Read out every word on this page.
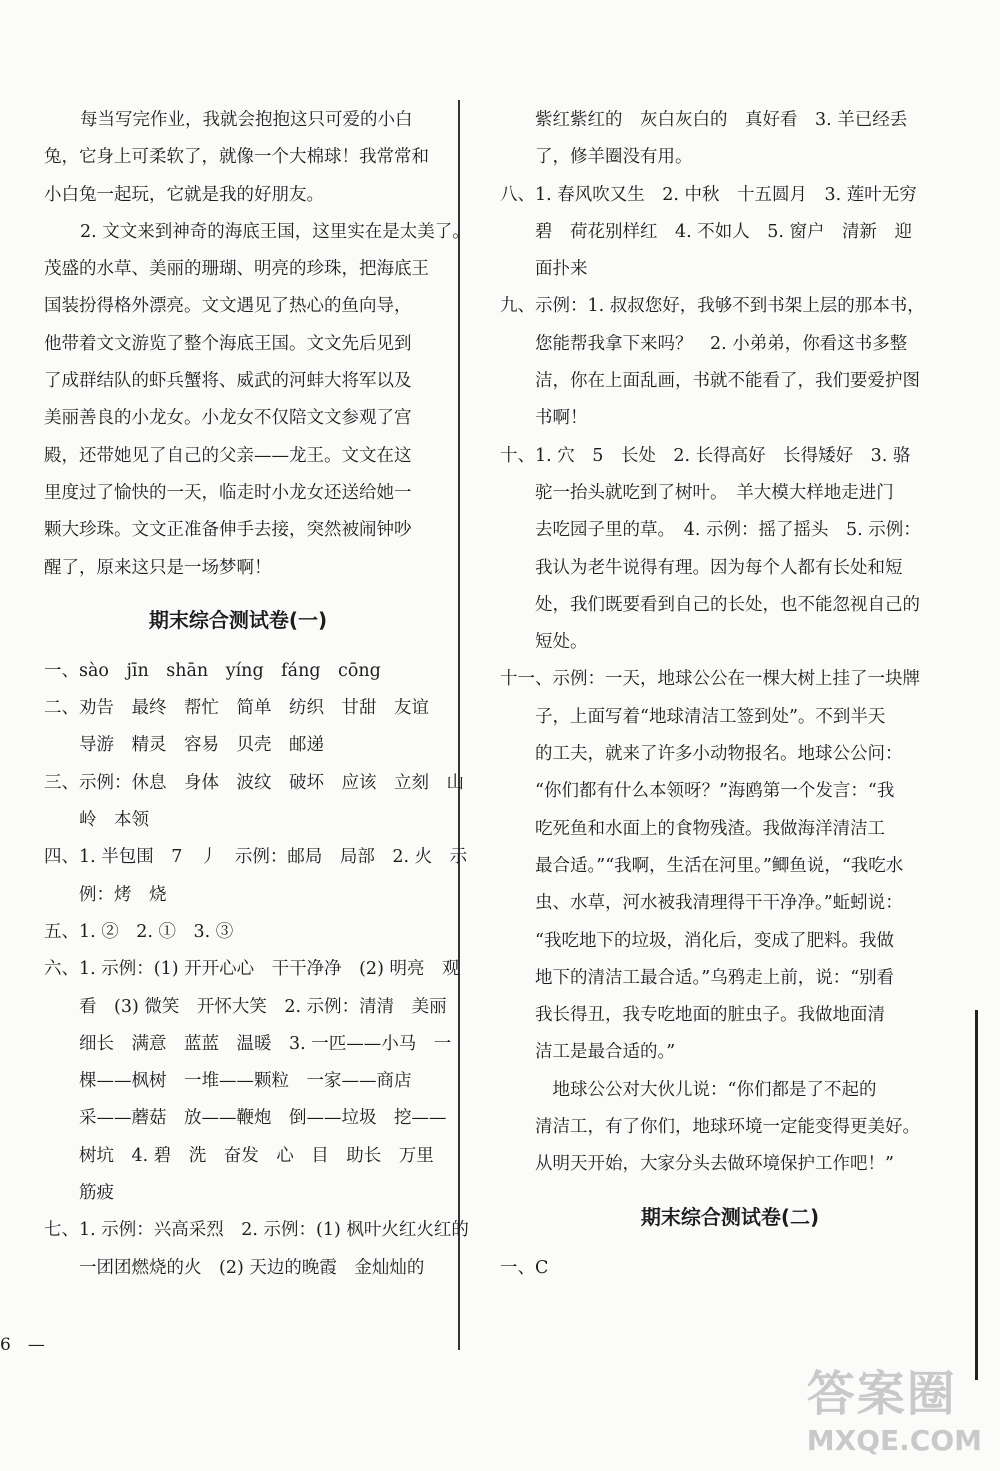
每当写完作业，我就会抱抱这只可爱的小白
兔，它身上可柔软了，就像一个大棉球！我常常和
小白兔一起玩，它就是我的好朋友。
2. 文文来到神奇的海底王国，这里实在是太美了。
茂盛的水草、美丽的珊瑚、明亮的珍珠，把海底王
国装扮得格外漂亮。文文遇见了热心的鱼向导，
他带着文文游览了整个海底王国。文文先后见到
了成群结队的虾兵蟹将、威武的河蚌大将军以及
美丽善良的小龙女。小龙女不仅陪文文参观了宫
殿，还带她见了自己的父亲——龙王。文文在这
里度过了愉快的一天，临走时小龙女还送给她一
颗大珍珠。文文正准备伸手去接，突然被闹钟吵
醒了，原来这只是一场梦啊！
期末综合测试卷(一)
一、sào　jīn　shān　yíng　fáng　cōng
二、劝告　最终　帮忙　简单　纺织　甘甜　友谊
　　导游　精灵　容易　贝壳　邮递
三、示例：休息　身体　波纹　破坏　应该　立刻　山
　　岭　本领
四、1. 半包围　7　丿　示例：邮局　局部　2. 火　示
　　例：烤　烧
五、1. ②　2. ①　3. ③
六、1. 示例：(1) 开开心心　干干净净　(2) 明亮　观
　　看　(3) 微笑　开怀大笑　2. 示例：清清　美丽
　　细长　满意　蓝蓝　温暖　3. 一匹——小马　一
　　棵——枫树　一堆——颗粒　一家——商店
　　采——蘑菇　放——鞭炮　倒——垃圾　挖——
　　树坑　4. 碧　洗　奋发　心　目　助长　万里
　　筋疲
七、1. 示例：兴高采烈　2. 示例：(1) 枫叶火红火红的
　　一团团燃烧的火　(2) 天边的晚霞　金灿灿的
　　紫红紫红的　灰白灰白的　真好看　3. 羊已经丢
　　了，修羊圈没有用。
八、1. 春风吹又生　2. 中秋　十五圆月　3. 莲叶无穷
　　碧　荷花别样红　4. 不如人　5. 窗户　清新　迎
　　面扑来
九、示例：1. 叔叔您好，我够不到书架上层的那本书，
　　您能帮我拿下来吗？　2. 小弟弟，你看这书多整
　　洁，你在上面乱画，书就不能看了，我们要爱护图
　　书啊！
十、1. 穴　5　长处　2. 长得高好　长得矮好　3. 骆
　　驼一抬头就吃到了树叶。　羊大模大样地走进门
　　去吃园子里的草。　4. 示例：摇了摇头　5. 示例：
　　我认为老牛说得有理。因为每个人都有长处和短
　　处，我们既要看到自己的长处，也不能忽视自己的
　　短处。
十一、示例：一天，地球公公在一棵大树上挂了一块牌
　　子，上面写着“地球清洁工签到处”。不到半天
　　的工夫，就来了许多小动物报名。地球公公问：
　　“你们都有什么本领呀？”海鸥第一个发言：“我
　　吃死鱼和水面上的食物残渣。我做海洋清洁工
　　最合适。”“我啊，生活在河里。”鲫鱼说，“我吃水
　　虫、水草，河水被我清理得干干净净。”蚯蚓说：
　　“我吃地下的垃圾，消化后，变成了肥料。我做
　　地下的清洁工最合适。”乌鸦走上前，说：“别看
　　我长得丑，我专吃地面的脏虫子。我做地面清
　　洁工是最合适的。”
　　　地球公公对大伙儿说：“你们都是了不起的
　　清洁工，有了你们，地球环境一定能变得更美好。
　　从明天开始，大家分头去做环境保护工作吧！”
期末综合测试卷(二)
一、C
6　—
答案圈
MXQE.COM
